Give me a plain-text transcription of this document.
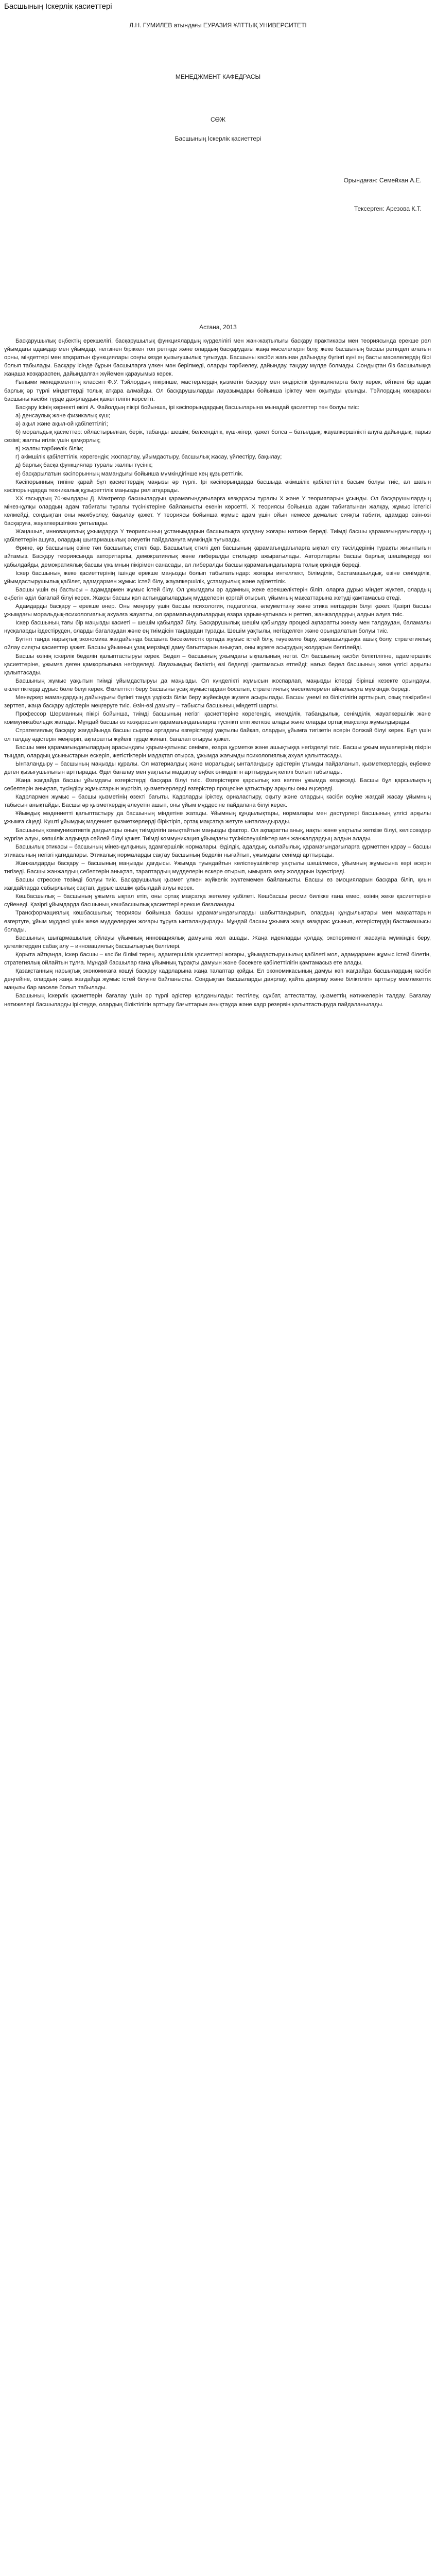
Басшының Іскерлік қасиеттері
Л.Н. ГУМИЛЕВ атындағы ЕУРАЗИЯ ҰЛТТЫҚ УНИВЕРСИТЕТІ
МЕНЕДЖМЕНТ КАФЕДРАСЫ
СӨЖ
Басшының Іскерлік қасиеттері
Орындаған: Семейхан А.Е.
Тексерген: Арезова К.Т.
Астана, 2013

Басқарушылық еңбектің ерекшелігі, басқарушылық функциялардың күрделілігі мен жан-жақтылығы басқару практикасы мен теориясында ерекше рөл ұйымдағы адамдар мен ұйымдар, негізінен біріккен топ ретінде және олардың басқарудағы жаңа мәселелерін білу, жеке басшының басшы ретіндегі алатын орны, міндеттері мен атқаратын функциялары соңғы кезде қызығушылық туғызуда. Басшыны кәсіби жағынан дайындау бүгінгі күні ең басты мәселелердің бірі болып табылады. Басқару ісінде бұрын басшыларға үлкен мән берілмеді, оларды тәрбиелеу, дайындау, таңдау мүлде болмады. Сондықтан біз басшылыққа жаңаша көзқараспен, дайындалған жүйемен қарауымыз керек.

Ғылыми менеджменттің классигі Ф.У. Тэйлордың пікірінше, мастерлердің қызметін басқару мен өндірістік функцияларға бөлу керек, өйткені бір адам барлық әр түрлі міндеттерді толық атқара алмайды. Ол басқарушыларды лауазымдары бойынша іріктеу мен оқытуды ұсынды. Тэйлордың көзқарасы басшыны кәсіби түрде даярлаудың қажеттілігін көрсетті.

Басқару ісінің көрнекті өкілі А. Файолдың пікірі бойынша, ірі кәсіпорындардың басшыларына мынадай қасиеттер тән болуы тиіс:

а) денсаулық және физикалық күш;

ә) ақыл және ақыл-ой қабілеттілігі;

б) моральдық қасиеттер: ойластырылған, берік, табанды шешім; белсенділік, күш-жігер, қажет болса – батылдық; жауапкершілікті алуға дайындық; парыз сезімі; жалпы игілік үшін қамқорлық;

в) жалпы тәрбиелік білім;

г) әкімшілік қабілеттілік, көрегендік; жоспарлау, ұйымдастыру, басшылық жасау, үйлестіру, бақылау;

д) барлық басқа функциялар туралы жалпы түсінік;

е) басқарылатын кәсіпорынның мамандығы бойынша мүмкіндігінше кең құзыреттілік.

Кәсіпорынның типіне қарай бұл қасиеттердің маңызы әр түрлі. Ірі кәсіпорындарда басшыда әкімшілік қабілеттілік басым болуы тиіс, ал шағын кәсіпорындарда техникалық құзыреттілік маңызды рөл атқарады.

XX ғасырдың 70-жылдары Д. Макгрегор басшылардың қарамағындағыларға көзқарасы туралы X және Y теорияларын ұсынды. Ол басқарушылардың мінез-құлқы олардың адам табиғаты туралы түсініктеріне байланысты екенін көрсетті. X теориясы бойынша адам табиғатынан жалқау, жұмыс істегісі келмейді, сондықтан оны мәжбүрлеу, бақылау қажет. Y теориясы бойынша жұмыс адам үшін ойын немесе демалыс сияқты табиғи, адамдар өзін-өзі басқаруға, жауапкершілікке ұмтылады.

Жаңашыл, инновациялық ұжымдарда Y теориясының ұстанымдарын басшылықта қолдану жоғары нәтиже береді. Тиімді басшы қарамағындағылардың қабілеттерін ашуға, олардың шығармашылық әлеуетін пайдалануға мүмкіндік туғызады.

Әрине, әр басшының өзіне тән басшылық стилі бар. Басшылық стилі деп басшының қарамағындағыларға ықпал ету тәсілдерінің тұрақты жиынтығын айтамыз. Басқару теориясында авторитарлы, демократиялық және либералды стильдер ажыратылады. Авторитарлы басшы барлық шешімдерді өзі қабылдайды, демократиялық басшы ұжымның пікірімен санасады, ал либералды басшы қарамағындағыларға толық еркіндік береді.

Іскер басшының жеке қасиеттерінің ішінде ерекше маңызды болып табылатындар: жоғары интеллект, білімділік, бастамашылдық, өзіне сенімділік, ұйымдастырушылық қабілет, адамдармен жұмыс істей білу, жауапкершілік, ұстамдылық және әділеттілік.

Басшы үшін ең бастысы – адамдармен жұмыс істей білу. Ол ұжымдағы әр адамның жеке ерекшеліктерін біліп, оларға дұрыс міндет жүктеп, олардың еңбегін әділ бағалай білуі керек. Жақсы басшы қол астындағылардың мүдделерін қорғай отырып, ұйымның мақсаттарына жетуді қамтамасыз етеді.

Адамдарды басқару – ерекше өнер. Оны меңгеру үшін басшы психология, педагогика, әлеуметтану және этика негіздерін білуі қажет. Қазіргі басшы ұжымдағы моральдық-психологиялық ахуалға жауапты, ол қарамағындағылардың өзара қарым-қатынасын реттеп, жанжалдардың алдын алуға тиіс.

Іскер басшының тағы бір маңызды қасиеті – шешім қабылдай білу. Басқарушылық шешім қабылдау процесі ақпаратты жинау мен талдаудан, баламалы нұсқаларды іздестіруден, оларды бағалаудан және ең тиімдісін таңдаудан тұрады. Шешім уақтылы, негізделген және орындалатын болуы тиіс.

Бүгінгі таңда нарықтық экономика жағдайында басшыға бәсекелестік ортада жұмыс істей білу, тәуекелге бару, жаңашылдыққа ашық болу, стратегиялық ойлау сияқты қасиеттер қажет. Басшы ұйымның ұзақ мерзімді даму бағыттарын анықтап, оны жүзеге асырудың жолдарын белгілейді.

Басшы өзінің іскерлік беделін қалыптастыруы керек. Бедел – басшының ұжымдағы ықпалының негізі. Ол басшының кәсіби біліктілігіне, адамгершілік қасиеттеріне, ұжымға деген қамқорлығына негізделеді. Лауазымдық биліктің өзі беделді қамтамасыз етпейді; нағыз бедел басшының жеке үлгісі арқылы қалыптасады.

Басшының жұмыс уақытын тиімді ұйымдастыруы да маңызды. Ол күнделікті жұмысын жоспарлап, маңызды істерді бірінші кезекте орындауы, өкілеттіктерді дұрыс бөле білуі керек. Өкілеттікті беру басшыны ұсақ жұмыстардан босатып, стратегиялық мәселелермен айналысуға мүмкіндік береді.

Менеджер мамандардың дайындығы бүгінгі таңда үздіксіз білім беру жүйесінде жүзеге асырылады. Басшы үнемі өз біліктілігін арттырып, озық тәжірибені зерттеп, жаңа басқару әдістерін меңгеруге тиіс. Өзін-өзі дамыту – табысты басшының міндетті шарты.

Профессор Шерманның пікірі бойынша, тиімді басшының негізгі қасиеттеріне көрегендік, икемділік, табандылық, сенімділік, жауапкершілік және коммуникабельдік жатады. Мұндай басшы өз көзқарасын қарамағындағыларға түсінікті етіп жеткізе алады және оларды ортақ мақсатқа жұмылдырады.

Стратегиялық басқару жағдайында басшы сыртқы ортадағы өзгерістерді уақтылы байқап, олардың ұйымға тигізетін әсерін болжай білуі керек. Бұл үшін ол талдау әдістерін меңгеріп, ақпаратты жүйелі түрде жинап, бағалап отыруы қажет.

Басшы мен қарамағындағылардың арасындағы қарым-қатынас сенімге, өзара құрметке және ашықтыққа негізделуі тиіс. Басшы ұжым мүшелерінің пікірін тыңдап, олардың ұсыныстарын ескеріп, жетістіктерін мадақтап отырса, ұжымда жағымды психологиялық ахуал қалыптасады.

Ынталандыру – басшының маңызды құралы. Ол материалдық және моральдық ынталандыру әдістерін ұтымды пайдаланып, қызметкерлердің еңбекке деген қызығушылығын арттырады. Әділ бағалау мен уақтылы мадақтау еңбек өнімділігін арттырудың кепілі болып табылады.

Жаңа жағдайда басшы ұйымдағы өзгерістерді басқара білуі тиіс. Өзгерістерге қарсылық кез келген ұжымда кездеседі. Басшы бұл қарсылықтың себептерін анықтап, түсіндіру жұмыстарын жүргізіп, қызметкерлерді өзгерістер процесіне қатыстыру арқылы оны еңсереді.

Кадрлармен жұмыс – басшы қызметінің өзекті бағыты. Кадрларды іріктеу, орналастыру, оқыту және олардың кәсіби өсуіне жағдай жасау ұйымның табысын анықтайды. Басшы әр қызметкердің әлеуетін ашып, оны ұйым мүддесіне пайдалана білуі керек.

Ұйымдық мәдениетті қалыптастыру да басшының міндетіне жатады. Ұйымның құндылықтары, нормалары мен дәстүрлері басшының үлгісі арқылы ұжымға сіңеді. Күшті ұйымдық мәдениет қызметкерлерді біріктіріп, ортақ мақсатқа жетуге ынталандырады.

Басшының коммуникативтік дағдылары оның тиімділігін анықтайтын маңызды фактор. Ол ақпаратты анық, нақты және уақтылы жеткізе білуі, келіссөздер жүргізе алуы, көпшілік алдында сөйлей білуі қажет. Тиімді коммуникация ұйымдағы түсініспеушіліктер мен жанжалдардың алдын алады.

Басшылық этикасы – басшының мінез-құлқының адамгершілік нормалары. Әділдік, адалдық, сыпайылық, қарамағындағыларға құрметпен қарау – басшы этикасының негізгі қағидалары. Этикалық нормаларды сақтау басшының беделін нығайтып, ұжымдағы сенімді арттырады.

Жанжалдарды басқару – басшының маңызды дағдысы. Ұжымда туындайтын келіспеушіліктер уақтылы шешілмесе, ұйымның жұмысына кері әсерін тигізеді. Басшы жанжалдың себептерін анықтап, тараптардың мүдделерін ескере отырып, ымыраға келу жолдарын іздестіреді.

Басшы стресске төзімді болуы тиіс. Басқарушылық қызмет үлкен жүйкелік жүктемемен байланысты. Басшы өз эмоцияларын басқара біліп, қиын жағдайларда сабырлылық сақтап, дұрыс шешім қабылдай алуы керек.

Көшбасшылық – басшының ұжымға ықпал етіп, оны ортақ мақсатқа жетелеу қабілеті. Көшбасшы ресми билікке ғана емес, өзінің жеке қасиеттеріне сүйенеді. Қазіргі ұйымдарда басшының көшбасшылық қасиеттері ерекше бағаланады.

Трансформациялық көшбасшылық теориясы бойынша басшы қарамағындағыларды шабыттандырып, олардың құндылықтары мен мақсаттарын өзгертуге, ұйым мүддесі үшін жеке мүдделерден жоғары тұруға ынталандырады. Мұндай басшы ұжымға жаңа көзқарас ұсынып, өзгерістердің бастамашысы болады.

Басшының шығармашылық ойлауы ұйымның инновациялық дамуына жол ашады. Жаңа идеяларды қолдау, эксперимент жасауға мүмкіндік беру, қателіктерден сабақ алу – инновациялық басшылықтың белгілері.

Қорыта айтқанда, іскер басшы – кәсіби білімі терең, адамгершілік қасиеттері жоғары, ұйымдастырушылық қабілеті мол, адамдармен жұмыс істей білетін, стратегиялық ойлайтын тұлға. Мұндай басшылар ғана ұйымның тұрақты дамуын және бәсекеге қабілеттілігін қамтамасыз ете алады.

Қазақстанның нарықтық экономикаға көшуі басқару кадрларына жаңа талаптар қойды. Ел экономикасының дамуы көп жағдайда басшылардың кәсіби деңгейіне, олардың жаңа жағдайда жұмыс істей білуіне байланысты. Сондықтан басшыларды даярлау, қайта даярлау және біліктілігін арттыру мемлекеттік маңызы бар мәселе болып табылады.

Басшының іскерлік қасиеттерін бағалау үшін әр түрлі әдістер қолданылады: тестілеу, сұхбат, аттестаттау, қызметтің нәтижелерін талдау. Бағалау нәтижелері басшыларды іріктеуде, олардың біліктілігін арттыру бағыттарын анықтауда және кадр резервін қалыптастыруда пайдаланылады.
